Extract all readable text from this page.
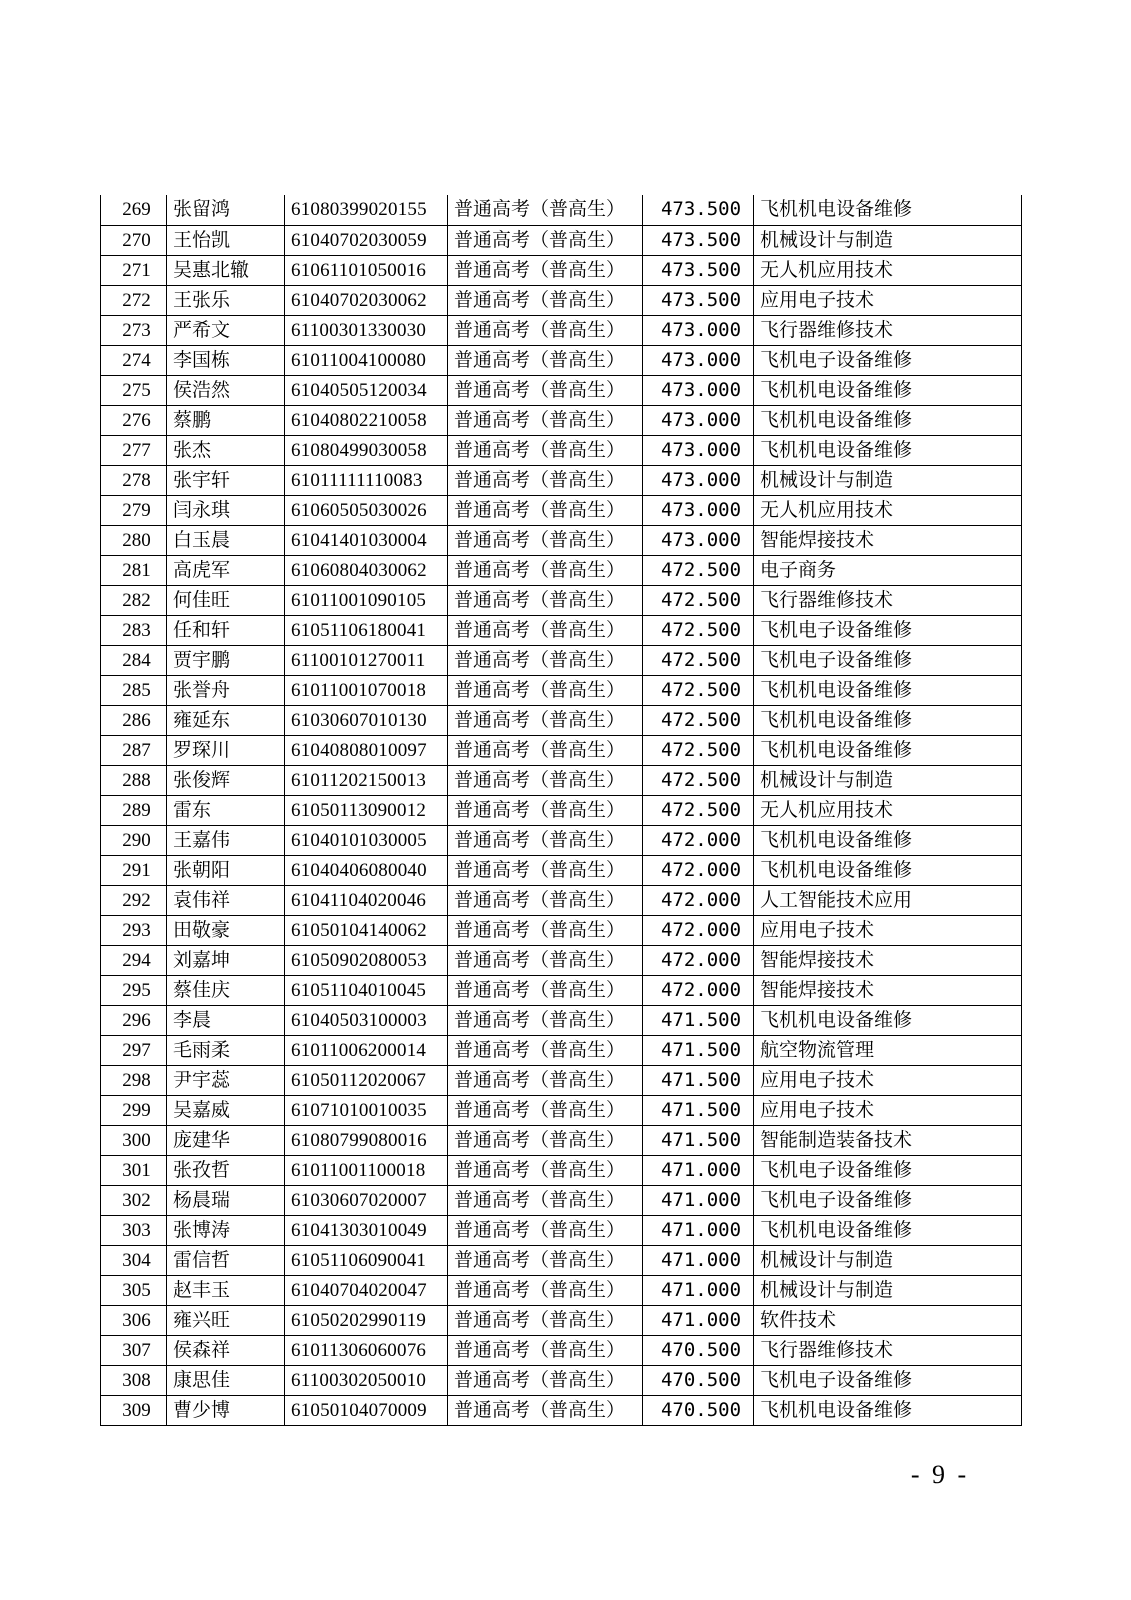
269	张留鸿	61080399020155	普通高考（普高生）	473.500	飞机机电设备维修
270	王怡凯	61040702030059	普通高考（普高生）	473.500	机械设计与制造
271	吴惠北辙	61061101050016	普通高考（普高生）	473.500	无人机应用技术
272	王张乐	61040702030062	普通高考（普高生）	473.500	应用电子技术
273	严希文	61100301330030	普通高考（普高生）	473.000	飞行器维修技术
274	李国栋	61011004100080	普通高考（普高生）	473.000	飞机电子设备维修
275	侯浩然	61040505120034	普通高考（普高生）	473.000	飞机机电设备维修
276	蔡鹏	61040802210058	普通高考（普高生）	473.000	飞机机电设备维修
277	张杰	61080499030058	普通高考（普高生）	473.000	飞机机电设备维修
278	张宇轩	61011111110083	普通高考（普高生）	473.000	机械设计与制造
279	闫永琪	61060505030026	普通高考（普高生）	473.000	无人机应用技术
280	白玉晨	61041401030004	普通高考（普高生）	473.000	智能焊接技术
281	高虎军	61060804030062	普通高考（普高生）	472.500	电子商务
282	何佳旺	61011001090105	普通高考（普高生）	472.500	飞行器维修技术
283	任和轩	61051106180041	普通高考（普高生）	472.500	飞机电子设备维修
284	贾宇鹏	61100101270011	普通高考（普高生）	472.500	飞机电子设备维修
285	张誉舟	61011001070018	普通高考（普高生）	472.500	飞机机电设备维修
286	雍延东	61030607010130	普通高考（普高生）	472.500	飞机机电设备维修
287	罗琛川	61040808010097	普通高考（普高生）	472.500	飞机机电设备维修
288	张俊辉	61011202150013	普通高考（普高生）	472.500	机械设计与制造
289	雷东	61050113090012	普通高考（普高生）	472.500	无人机应用技术
290	王嘉伟	61040101030005	普通高考（普高生）	472.000	飞机机电设备维修
291	张朝阳	61040406080040	普通高考（普高生）	472.000	飞机机电设备维修
292	袁伟祥	61041104020046	普通高考（普高生）	472.000	人工智能技术应用
293	田敬豪	61050104140062	普通高考（普高生）	472.000	应用电子技术
294	刘嘉坤	61050902080053	普通高考（普高生）	472.000	智能焊接技术
295	蔡佳庆	61051104010045	普通高考（普高生）	472.000	智能焊接技术
296	李晨	61040503100003	普通高考（普高生）	471.500	飞机机电设备维修
297	毛雨柔	61011006200014	普通高考（普高生）	471.500	航空物流管理
298	尹宇蕊	61050112020067	普通高考（普高生）	471.500	应用电子技术
299	吴嘉威	61071010010035	普通高考（普高生）	471.500	应用电子技术
300	庞建华	61080799080016	普通高考（普高生）	471.500	智能制造装备技术
301	张孜哲	61011001100018	普通高考（普高生）	471.000	飞机电子设备维修
302	杨晨瑞	61030607020007	普通高考（普高生）	471.000	飞机电子设备维修
303	张博涛	61041303010049	普通高考（普高生）	471.000	飞机机电设备维修
304	雷信哲	61051106090041	普通高考（普高生）	471.000	机械设计与制造
305	赵丰玉	61040704020047	普通高考（普高生）	471.000	机械设计与制造
306	雍兴旺	61050202990119	普通高考（普高生）	471.000	软件技术
307	侯森祥	61011306060076	普通高考（普高生）	470.500	飞行器维修技术
308	康思佳	61100302050010	普通高考（普高生）	470.500	飞机电子设备维修
309	曹少博	61050104070009	普通高考（普高生）	470.500	飞机机电设备维修
- 9 -
